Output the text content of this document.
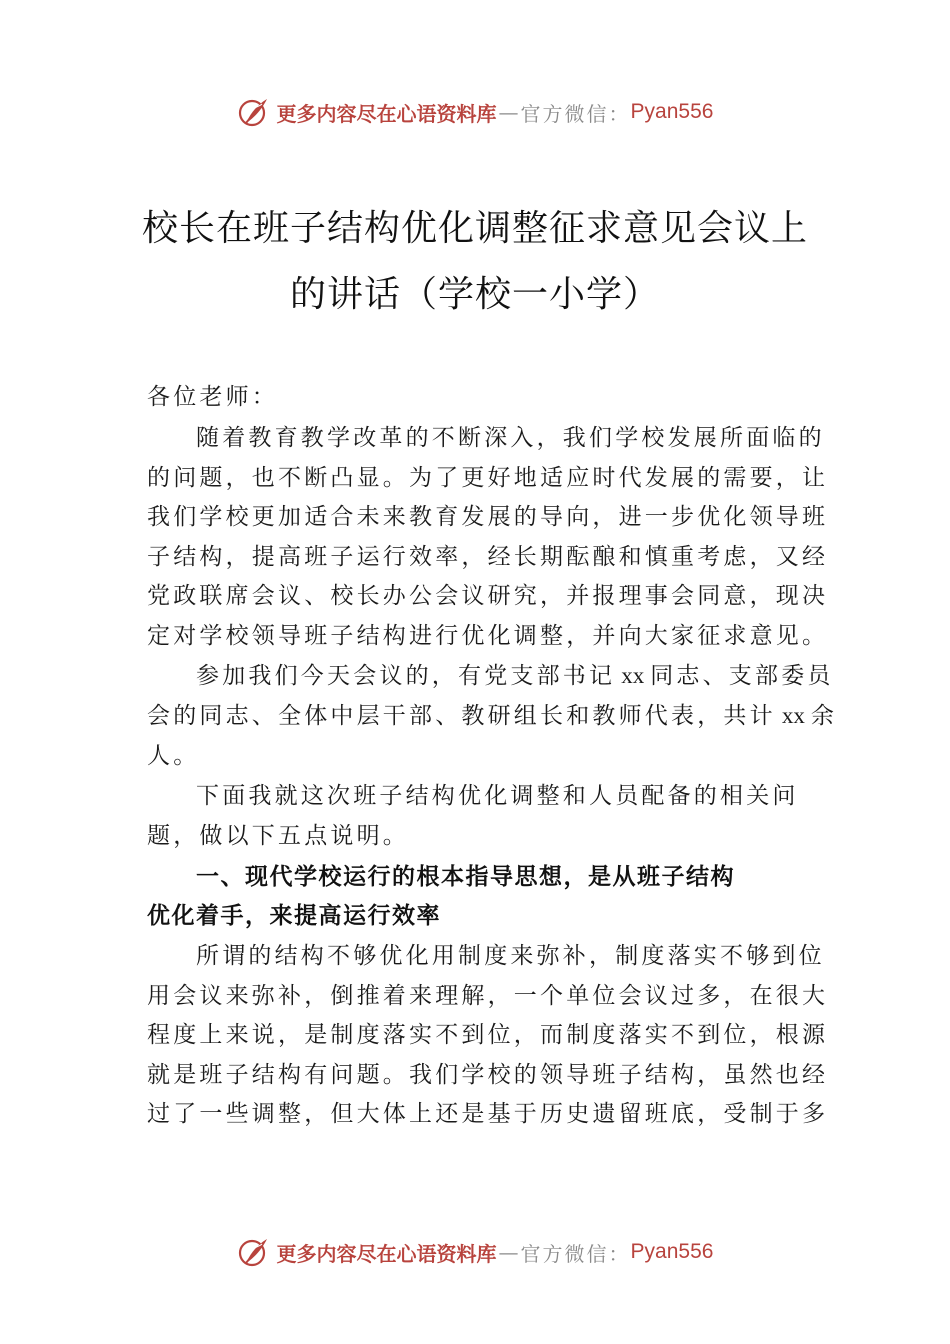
更多内容尽在心语资料库 — 官方微信： Pyan556
校长在班子结构优化调整征求意见会议上
的讲话（学校一小学）
各位老师：
随着教育教学改革的不断深入，我们学校发展所面临的
的问题，也不断凸显。为了更好地适应时代发展的需要，让
我们学校更加适合未来教育发展的导向，进一步优化领导班
子结构，提高班子运行效率，经长期酝酿和慎重考虑，又经
党政联席会议、校长办公会议研究，并报理事会同意，现决
定对学校领导班子结构进行优化调整，并向大家征求意见。
参加我们今天会议的，有党支部书记 xx 同志、支部委员
会的同志、全体中层干部、教研组长和教师代表，共计 xx 余
人。
下面我就这次班子结构优化调整和人员配备的相关问
题，做以下五点说明。
一、现代学校运行的根本指导思想，是从班子结构
优化着手，来提高运行效率
所谓的结构不够优化用制度来弥补，制度落实不够到位
用会议来弥补，倒推着来理解，一个单位会议过多，在很大
程度上来说，是制度落实不到位，而制度落实不到位，根源
就是班子结构有问题。我们学校的领导班子结构，虽然也经
过了一些调整，但大体上还是基于历史遗留班底，受制于多
更多内容尽在心语资料库 — 官方微信： Pyan556
